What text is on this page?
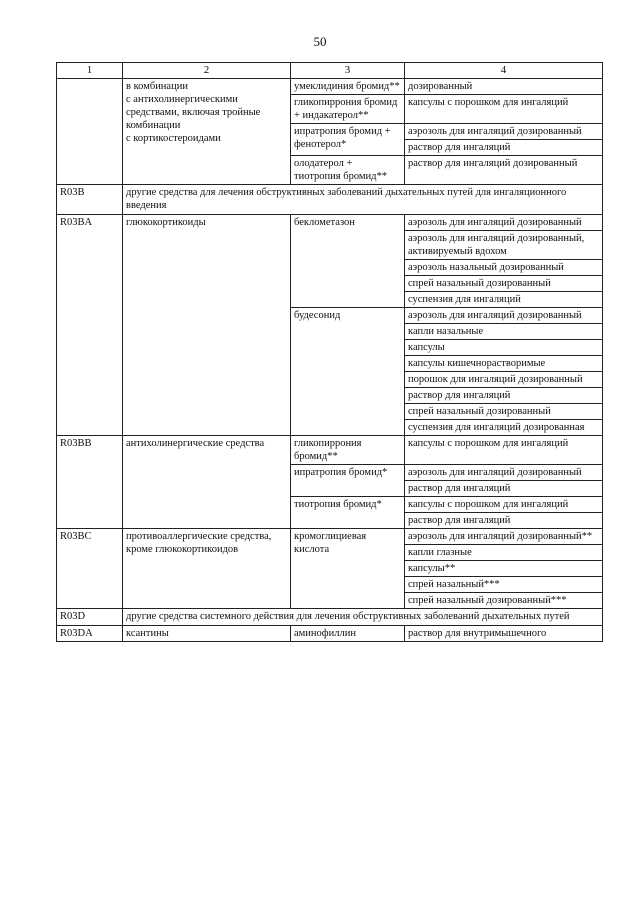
50
1	2	3	4
	в комбинации
с антихолинергическими средствами, включая тройные комбинации
с кортикостероидами	умеклидиния бромид**	дозированный
		гликопиррония бромид + индакатерол**	капсулы с порошком для ингаляций
		ипратропия бромид + фенотерол*	аэрозоль для ингаляций дозированный
			раствор для ингаляций
		олодатерол + тиотропия бромид**	раствор для ингаляций дозированный
R03B	другие средства для лечения обструктивных заболеваний дыхательных путей для ингаляционного введения		
R03BA	глюкокортикоиды	беклометазон	аэрозоль для ингаляций дозированный
			аэрозоль для ингаляций дозированный, активируемый вдохом
			аэрозоль назальный дозированный
			спрей назальный дозированный
			суспензия для ингаляций
		будесонид	аэрозоль для ингаляций дозированный
			капли назальные
			капсулы
			капсулы кишечнорастворимые
			порошок для ингаляций дозированный
			раствор для ингаляций
			спрей назальный дозированный
			суспензия для ингаляций дозированная
R03BB	антихолинергические средства	гликопиррония бромид**	капсулы с порошком для ингаляций
		ипратропия бромид*	аэрозоль для ингаляций дозированный
			раствор для ингаляций
		тиотропия бромид*	капсулы с порошком для ингаляций
			раствор для ингаляций
R03BC	противоаллергические средства, кроме глюкокортикоидов	кромоглициевая кислота	аэрозоль для ингаляций дозированный**
			капли глазные
			капсулы**
			спрей назальный***
			спрей назальный дозированный***
R03D	другие средства системного действия для лечения обструктивных заболеваний дыхательных путей		
R03DA	ксантины	аминофиллин	раствор для внутримышечного
